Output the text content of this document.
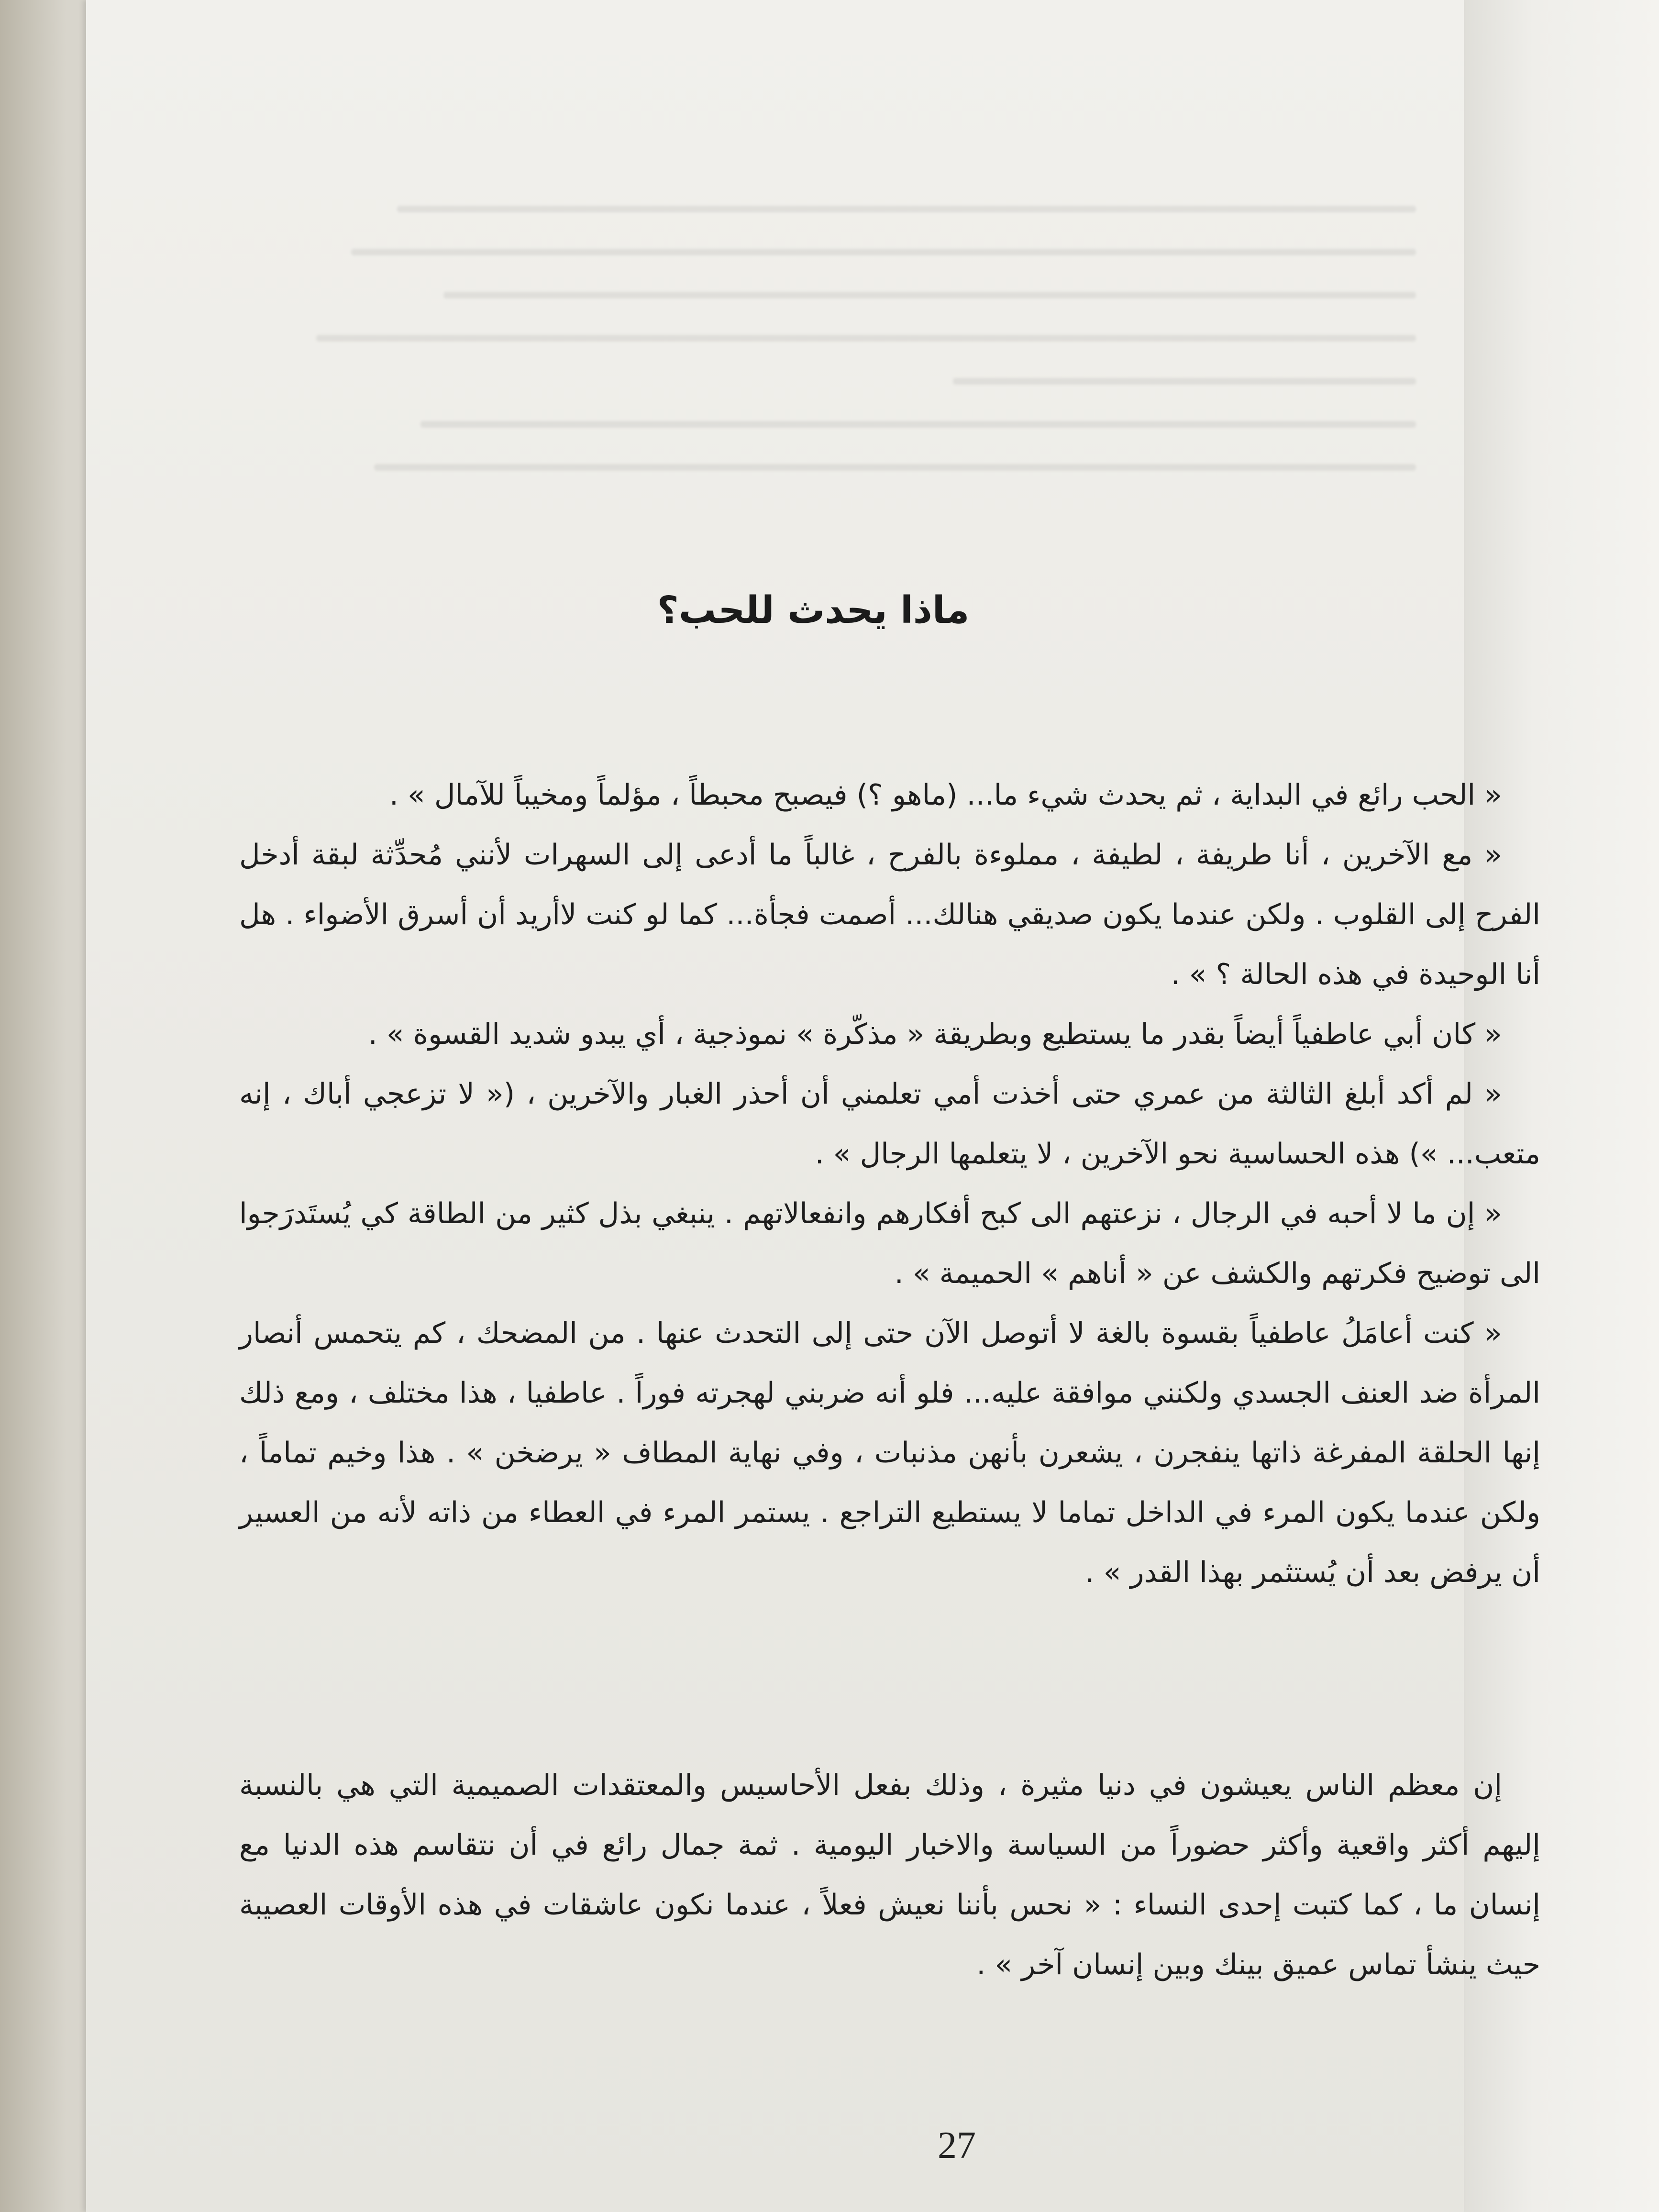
ماذا يحدث للحب؟

« الحب رائع في البداية ، ثم يحدث شيء ما... (ماهو ؟) فيصبح محبطاً ، مؤلماً ومخيباً للآمال » .

« مع الآخرين ، أنا طريفة ، لطيفة ، مملوءة بالفرح ، غالباً ما أدعى إلى السهرات لأنني مُحدِّثة لبقة أدخل الفرح إلى القلوب . ولكن عندما يكون صديقي هنالك... أصمت فجأة... كما لو كنت لاأريد أن أسرق الأضواء . هل أنا الوحيدة في هذه الحالة ؟ » .

« كان أبي عاطفياً أيضاً بقدر ما يستطيع وبطريقة « مذكّرة » نموذجية ، أي يبدو شديد القسوة » .

« لم أكد أبلغ الثالثة من عمري حتى أخذت أمي تعلمني أن أحذر الغبار والآخرين ، (« لا تزعجي أباك ، إنه متعب... ») هذه الحساسية نحو الآخرين ، لا يتعلمها الرجال » .

« إن ما لا أحبه في الرجال ، نزعتهم الى كبح أفكارهم وانفعالاتهم . ينبغي بذل كثير من الطاقة كي يُستَدرَجوا الى توضيح فكرتهم والكشف عن « أناهم » الحميمة » .

« كنت أعامَلُ عاطفياً بقسوة بالغة لا أتوصل الآن حتى إلى التحدث عنها . من المضحك ، كم يتحمس أنصار المرأة ضد العنف الجسدي ولكنني موافقة عليه... فلو أنه ضربني لهجرته فوراً . عاطفيا ، هذا مختلف ، ومع ذلك إنها الحلقة المفرغة ذاتها ينفجرن ، يشعرن بأنهن مذنبات ، وفي نهاية المطاف « يرضخن » . هذا وخيم تماماً ، ولكن عندما يكون المرء في الداخل تماما لا يستطيع التراجع . يستمر المرء في العطاء من ذاته لأنه من العسير أن يرفض بعد أن يُستثمر بهذا القدر » .

إن معظم الناس يعيشون في دنيا مثيرة ، وذلك بفعل الأحاسيس والمعتقدات الصميمية التي هي بالنسبة إليهم أكثر واقعية وأكثر حضوراً من السياسة والاخبار اليومية . ثمة جمال رائع في أن نتقاسم هذه الدنيا مع إنسان ما ، كما كتبت إحدى النساء : « نحس بأننا نعيش فعلاً ، عندما نكون عاشقات في هذه الأوقات العصيبة حيث ينشأ تماس عميق بينك وبين إنسان آخر » .

27
